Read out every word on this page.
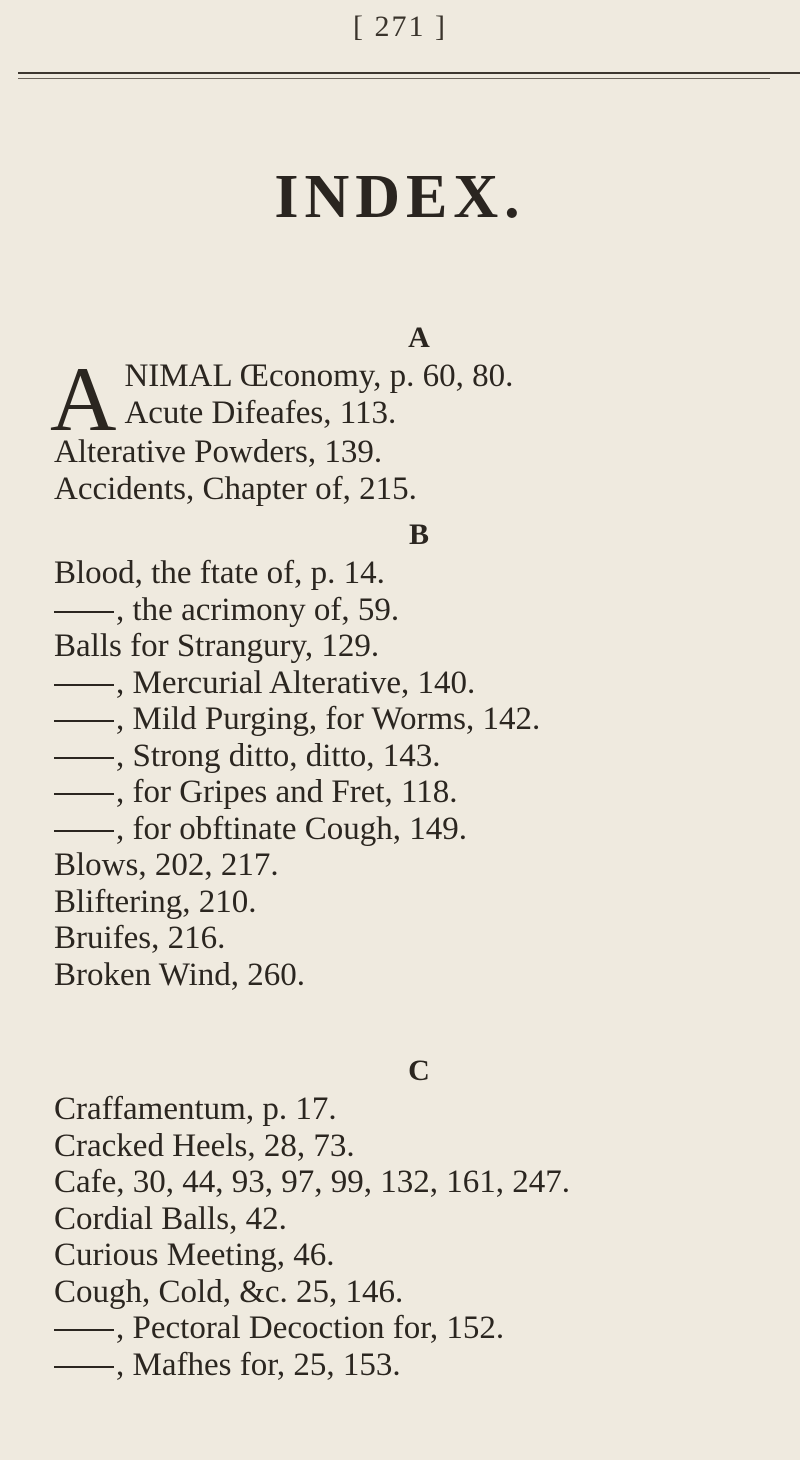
[ 271 ]
INDEX.
A
A NIMAL Œconomy, p. 60, 80.
Acute Difeafes, 113.
Alterative Powders, 139.
Accidents, Chapter of, 215.
B
Blood, the ftate of, p. 14.
, the acrimony of, 59.
Balls for Strangury, 129.
, Mercurial Alterative, 140.
, Mild Purging, for Worms, 142.
, Strong ditto, ditto, 143.
, for Gripes and Fret, 118.
, for obftinate Cough, 149.
Blows, 202, 217.
Bliftering, 210.
Bruifes, 216.
Broken Wind, 260.
C
Craffamentum, p. 17.
Cracked Heels, 28, 73.
Cafe, 30, 44, 93, 97, 99, 132, 161, 247.
Cordial Balls, 42.
Curious Meeting, 46.
Cough, Cold, &c. 25, 146.
, Pectoral Decoction for, 152.
, Mafhes for, 25, 153.
